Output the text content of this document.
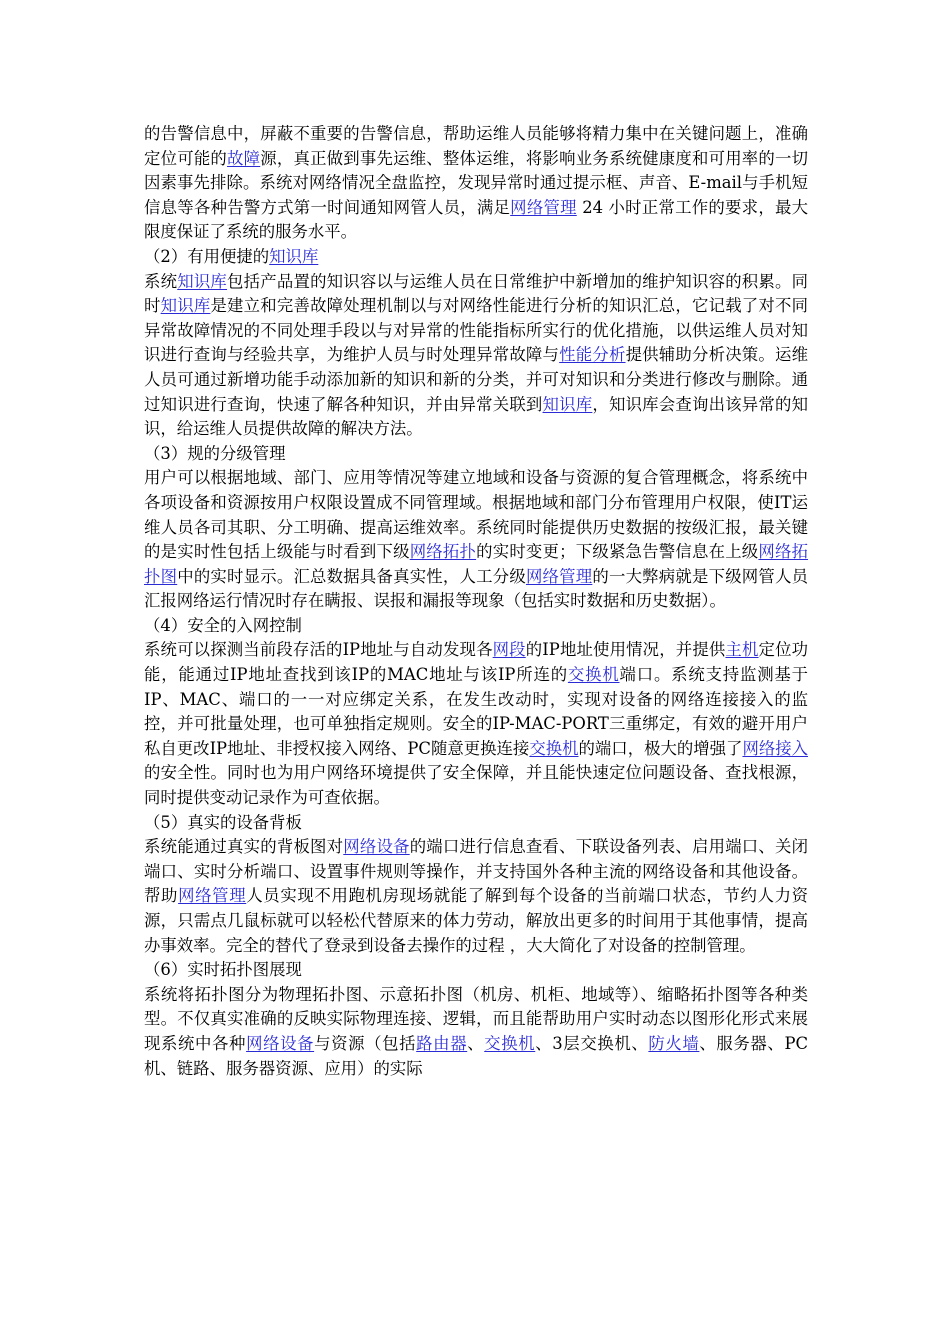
的告警信息中，屏蔽不重要的告警信息，帮助运维人员能够将精力集中在关键问题上，准确定位可能的故障源，真正做到事先运维、整体运维，将影响业务系统健康度和可用率的一切因素事先排除。系统对网络情况全盘监控，发现异常时通过提示框、声音、E-mail与手机短信息等各种告警方式第一时间通知网管人员，满足网络管理 24 小时正常工作的要求，最大限度保证了系统的服务水平。

（2）有用便捷的知识库

系统知识库包括产品置的知识容以与运维人员在日常维护中新增加的维护知识容的积累。同时知识库是建立和完善故障处理机制以与对网络性能进行分析的知识汇总，它记载了对不同异常故障情况的不同处理手段以与对异常的性能指标所实行的优化措施，以供运维人员对知识进行查询与经验共享，为维护人员与时处理异常故障与性能分析提供辅助分析决策。运维人员可通过新增功能手动添加新的知识和新的分类，并可对知识和分类进行修改与删除。通过知识进行查询，快速了解各种知识，并由异常关联到知识库，知识库会查询出该异常的知识，给运维人员提供故障的解决方法。

（3）规的分级管理

用户可以根据地域、部门、应用等情况等建立地域和设备与资源的复合管理概念，将系统中各项设备和资源按用户权限设置成不同管理域。根据地域和部门分布管理用户权限，使IT运维人员各司其职、分工明确、提高运维效率。系统同时能提供历史数据的按级汇报，最关键的是实时性包括上级能与时看到下级网络拓扑的实时变更；下级紧急告警信息在上级网络拓扑图中的实时显示。汇总数据具备真实性，人工分级网络管理的一大弊病就是下级网管人员汇报网络运行情况时存在瞒报、误报和漏报等现象（包括实时数据和历史数据）。

（4）安全的入网控制

系统可以探测当前段存活的IP地址与自动发现各网段的IP地址使用情况，并提供主机定位功能，能通过IP地址查找到该IP的MAC地址与该IP所连的交换机端口。系统支持监测基于IP、MAC、端口的一一对应绑定关系，在发生改动时，实现对设备的网络连接接入的监控，并可批量处理，也可单独指定规则。安全的IP-MAC-PORT三重绑定，有效的避开用户私自更改IP地址、非授权接入网络、PC随意更换连接交换机的端口，极大的增强了网络接入的安全性。同时也为用户网络环境提供了安全保障，并且能快速定位问题设备、查找根源，同时提供变动记录作为可查依据。

（5）真实的设备背板

系统能通过真实的背板图对网络设备的端口进行信息查看、下联设备列表、启用端口、关闭端口、实时分析端口、设置事件规则等操作，并支持国外各种主流的网络设备和其他设备。帮助网络管理人员实现不用跑机房现场就能了解到每个设备的当前端口状态，节约人力资源，只需点几鼠标就可以轻松代替原来的体力劳动，解放出更多的时间用于其他事情，提高办事效率。完全的替代了登录到设备去操作的过程 ，大大简化了对设备的控制管理。

（6）实时拓扑图展现

系统将拓扑图分为物理拓扑图、示意拓扑图（机房、机柜、地域等）、缩略拓扑图等各种类型。不仅真实准确的反映实际物理连接、逻辑，而且能帮助用户实时动态以图形化形式来展现系统中各种网络设备与资源（包括路由器、交换机、3层交换机、防火墙、服务器、PC机、链路、服务器资源、应用）的实际
